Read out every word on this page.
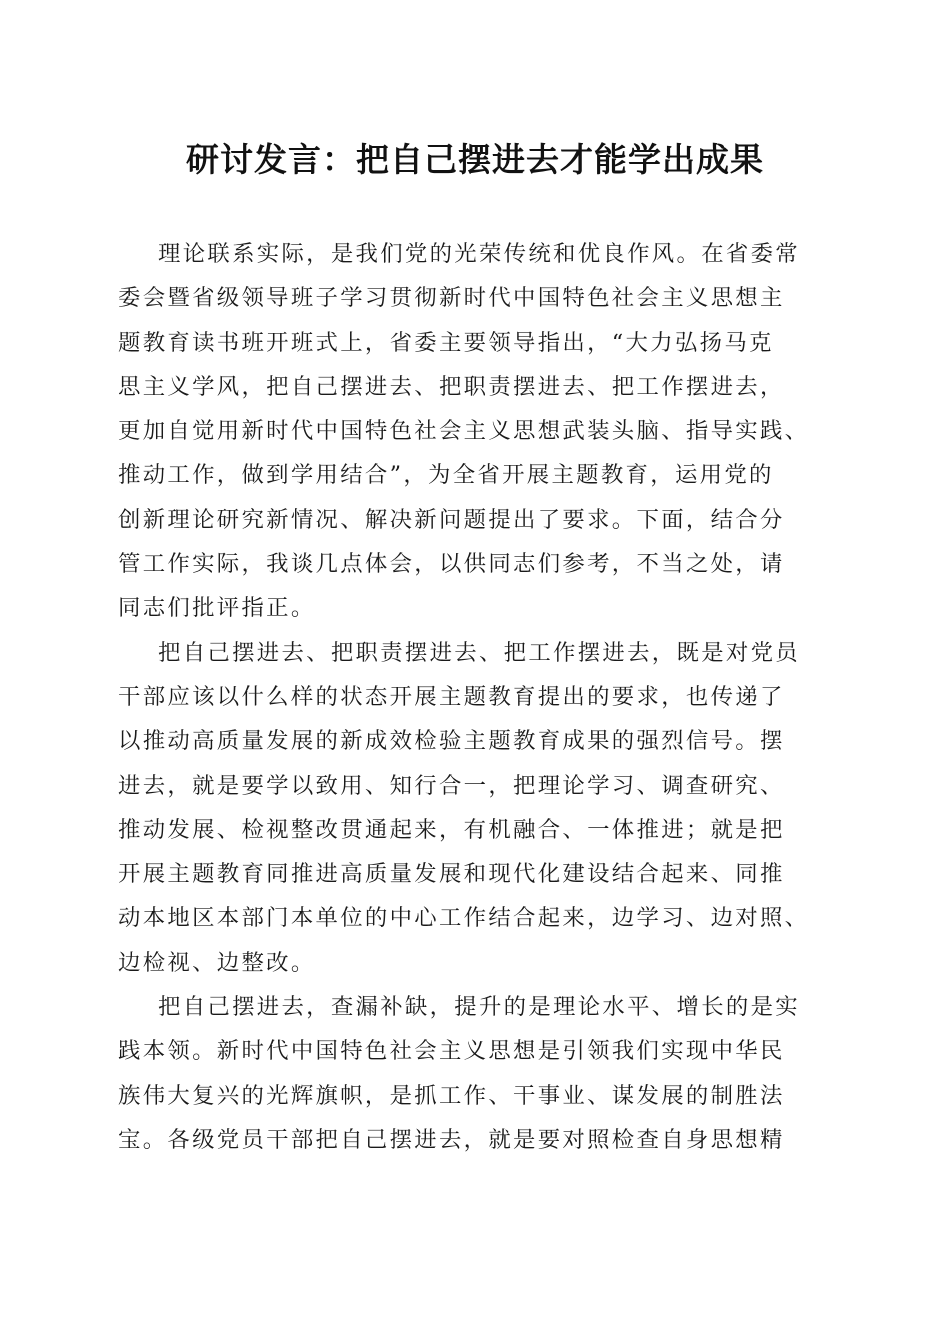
研讨发言：把自己摆进去才能学出成果
理论联系实际，是我们党的光荣传统和优良作风。在省委常
委会暨省级领导班子学习贯彻新时代中国特色社会主义思想主
题教育读书班开班式上，省委主要领导指出，“大力弘扬马克
思主义学风，把自己摆进去、把职责摆进去、把工作摆进去，
更加自觉用新时代中国特色社会主义思想武装头脑、指导实践、
推动工作，做到学用结合”，为全省开展主题教育，运用党的
创新理论研究新情况、解决新问题提出了要求。下面，结合分
管工作实际，我谈几点体会，以供同志们参考，不当之处，请
同志们批评指正。
把自己摆进去、把职责摆进去、把工作摆进去，既是对党员
干部应该以什么样的状态开展主题教育提出的要求，也传递了
以推动高质量发展的新成效检验主题教育成果的强烈信号。摆
进去，就是要学以致用、知行合一，把理论学习、调查研究、
推动发展、检视整改贯通起来，有机融合、一体推进；就是把
开展主题教育同推进高质量发展和现代化建设结合起来、同推
动本地区本部门本单位的中心工作结合起来，边学习、边对照、
边检视、边整改。
把自己摆进去，查漏补缺，提升的是理论水平、增长的是实
践本领。新时代中国特色社会主义思想是引领我们实现中华民
族伟大复兴的光辉旗帜，是抓工作、干事业、谋发展的制胜法
宝。各级党员干部把自己摆进去，就是要对照检查自身思想精
